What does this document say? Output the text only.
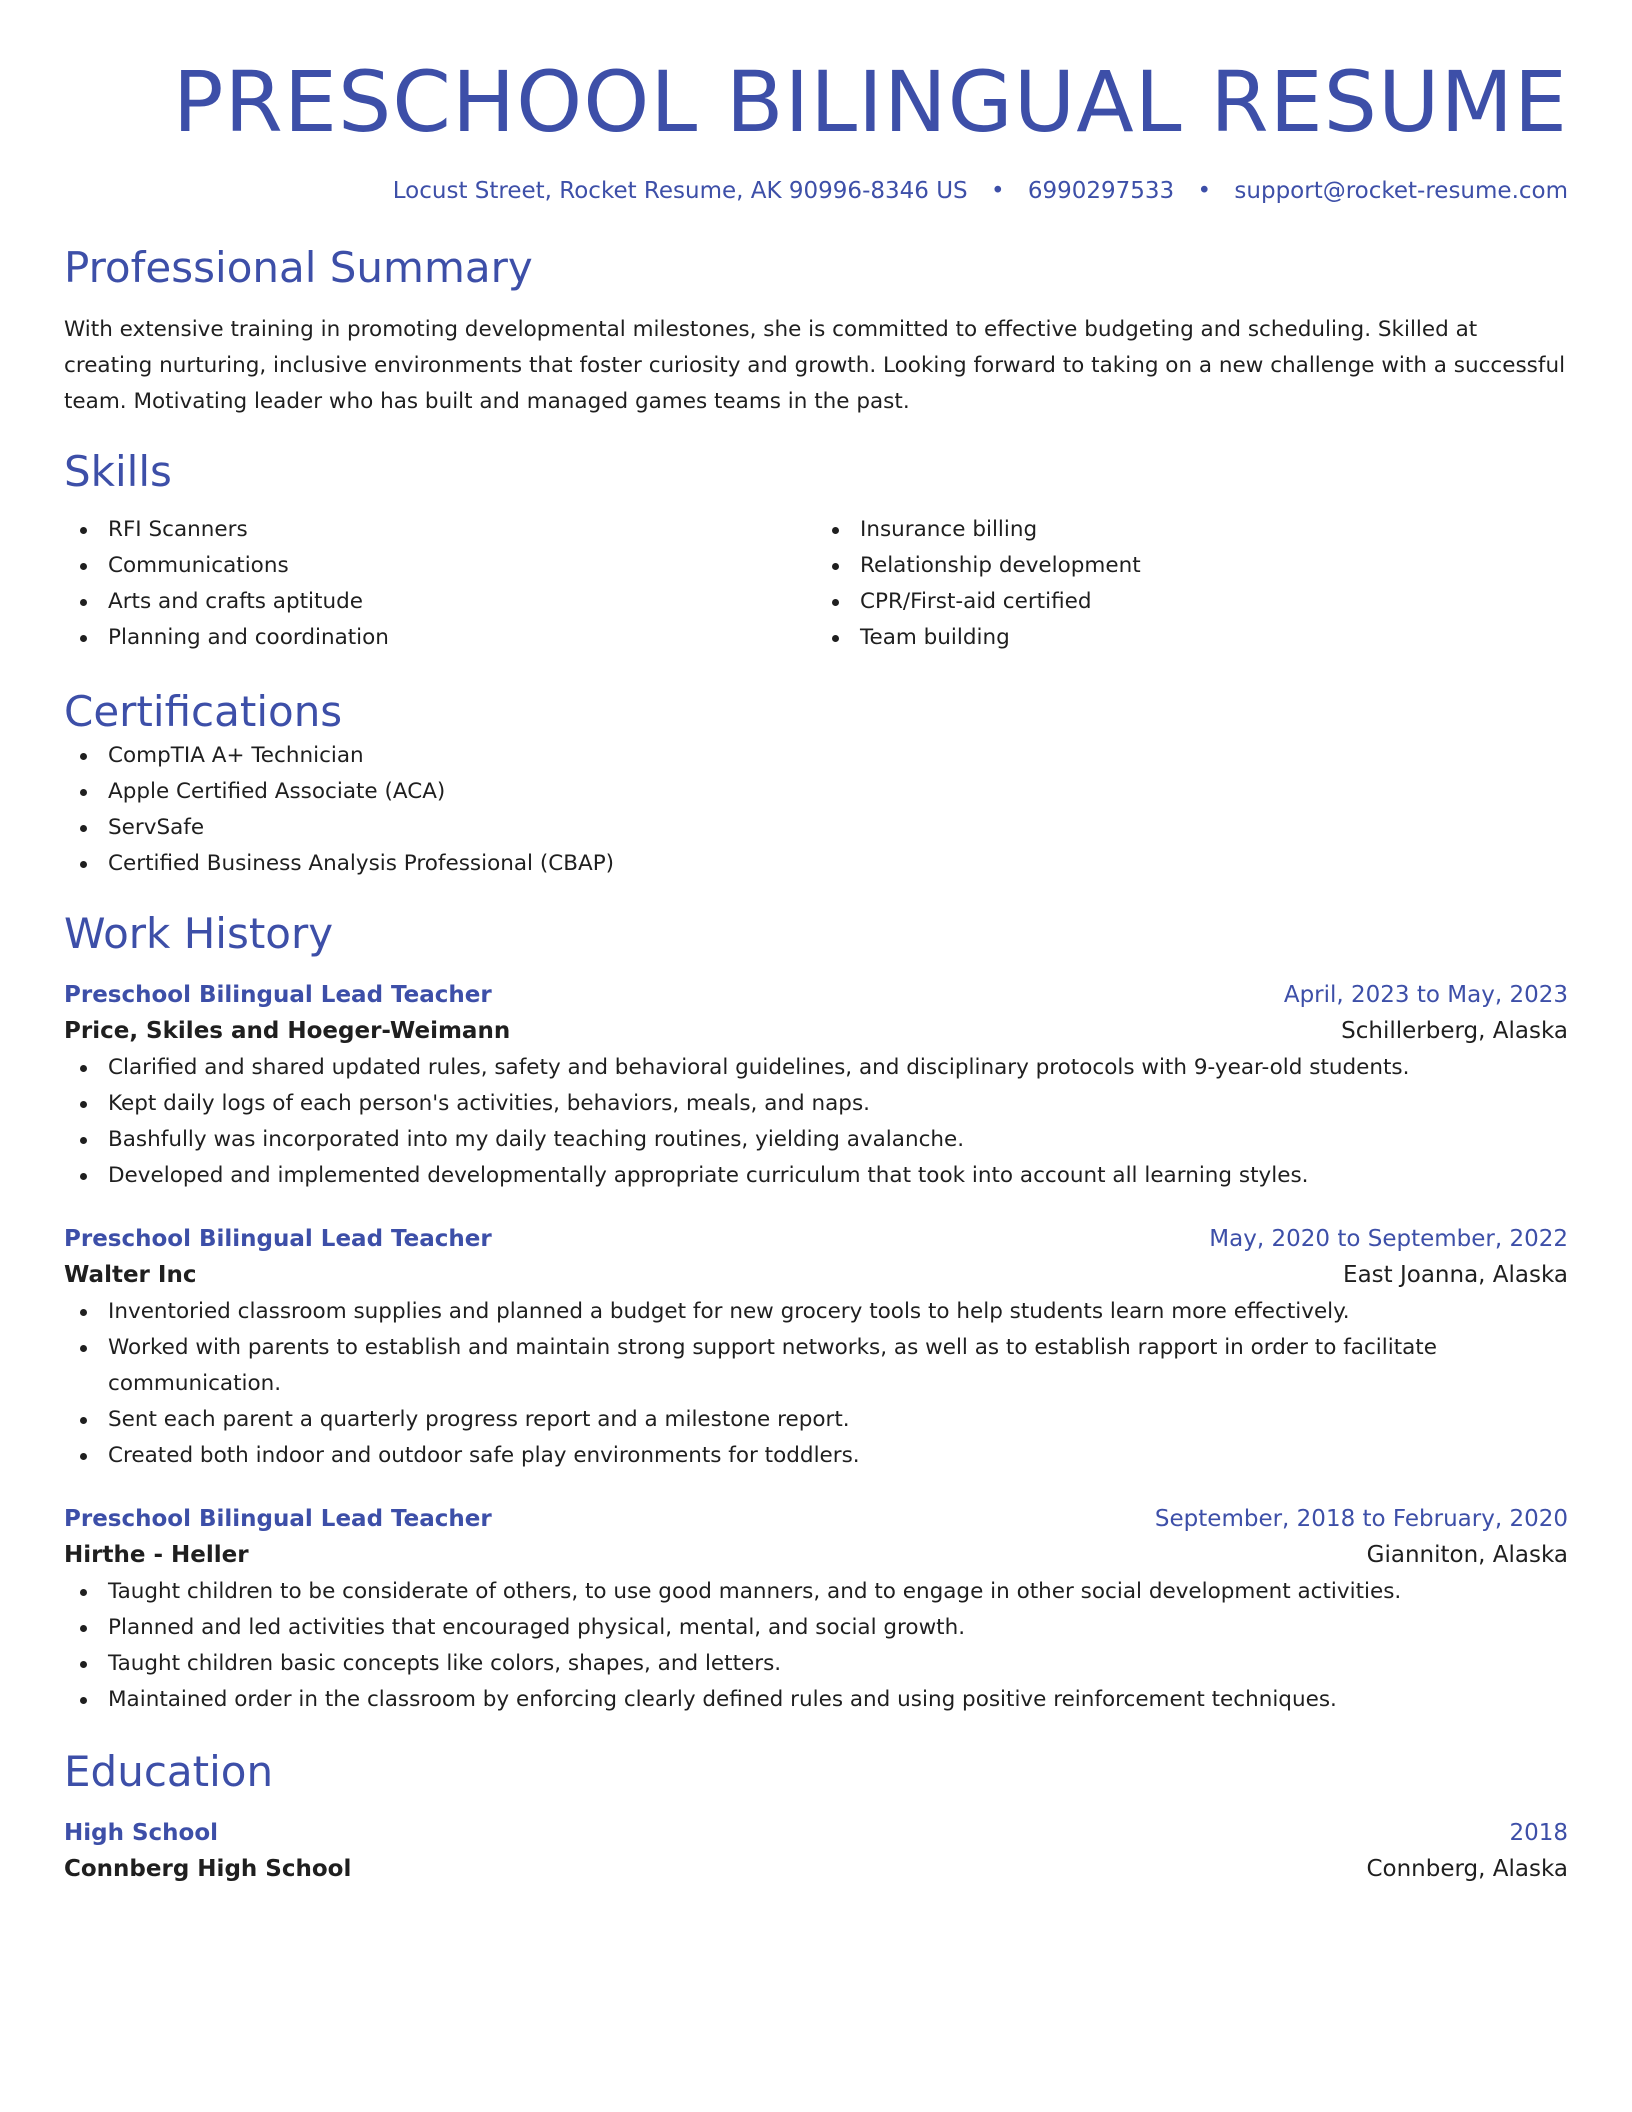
PRESCHOOL BILINGUAL RESUME
Locust Street, Rocket Resume, AK 90996-8346 US • 6990297533 • support@rocket-resume.com
Professional Summary
With extensive training in promoting developmental milestones, she is committed to effective budgeting and scheduling. Skilled at creating nurturing, inclusive environments that foster curiosity and growth. Looking forward to taking on a new challenge with a successful team. Motivating leader who has built and managed games teams in the past.
Skills
RFI Scanners
Communications
Arts and crafts aptitude
Planning and coordination
Insurance billing
Relationship development
CPR/First-aid certified
Team building
Certifications
CompTIA A+ Technician
Apple Certified Associate (ACA)
ServSafe
Certified Business Analysis Professional (CBAP)
Work History
Preschool Bilingual Lead Teacher	April, 2023 to May, 2023
Price, Skiles and Hoeger-Weimann	Schillerberg, Alaska
Clarified and shared updated rules, safety and behavioral guidelines, and disciplinary protocols with 9-year-old students.
Kept daily logs of each person's activities, behaviors, meals, and naps.
Bashfully was incorporated into my daily teaching routines, yielding avalanche.
Developed and implemented developmentally appropriate curriculum that took into account all learning styles.
Preschool Bilingual Lead Teacher	May, 2020 to September, 2022
Walter Inc	East Joanna, Alaska
Inventoried classroom supplies and planned a budget for new grocery tools to help students learn more effectively.
Worked with parents to establish and maintain strong support networks, as well as to establish rapport in order to facilitate communication.
Sent each parent a quarterly progress report and a milestone report.
Created both indoor and outdoor safe play environments for toddlers.
Preschool Bilingual Lead Teacher	September, 2018 to February, 2020
Hirthe - Heller	Gianniton, Alaska
Taught children to be considerate of others, to use good manners, and to engage in other social development activities.
Planned and led activities that encouraged physical, mental, and social growth.
Taught children basic concepts like colors, shapes, and letters.
Maintained order in the classroom by enforcing clearly defined rules and using positive reinforcement techniques.
Education
High School	2018
Connberg High School	Connberg, Alaska
